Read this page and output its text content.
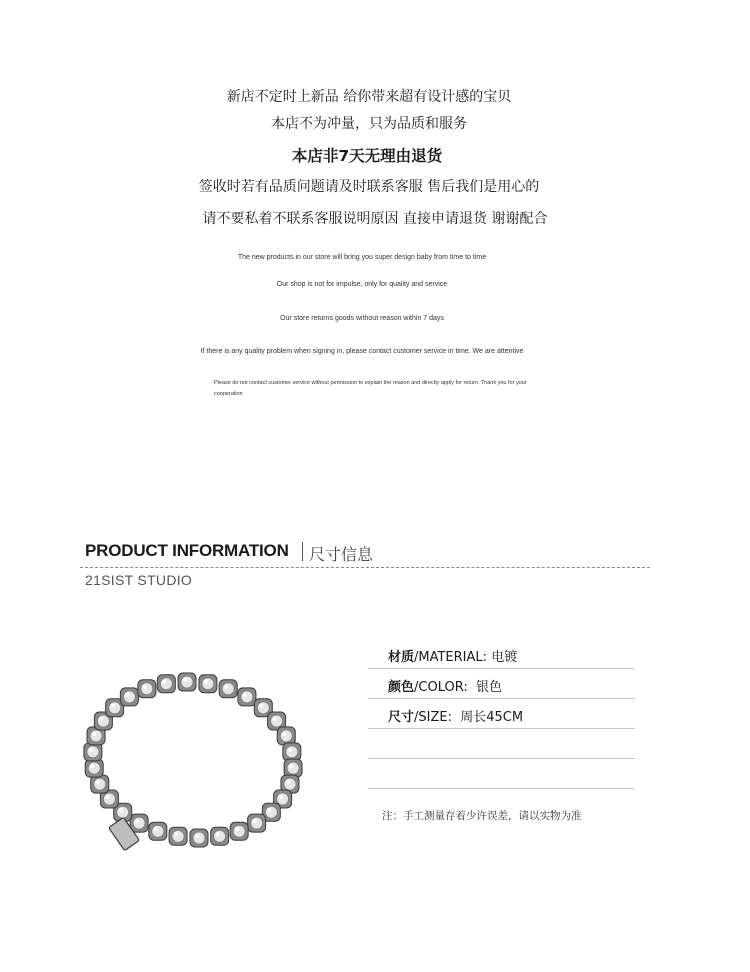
新店不定时上新品 给你带来超有设计感的宝贝
本店不为冲量，只为品质和服务
本店非7天无理由退货
签收时若有品质问题请及时联系客服 售后我们是用心的
请不要私着不联系客服说明原因 直接申请退货 谢谢配合
The new products in our store will bring you super design baby from time to time
Our shop is not for impulse, only for quality and service
Our store returns goods without reason within 7 days
If there is any quality problem when signing in, please contact customer service in time. We are attentive
Please do not contact customer service without permission to explain the reason and directly apply for return. Thank you for your cooperation
PRODUCT INFORMATION 尺寸信息
21SIST STUDIO
材质/MATERIAL: 电镀
颜色/COLOR: 银色
尺寸/SIZE: 周长45CM
注：手工测量存着少许误差，请以实物为准
